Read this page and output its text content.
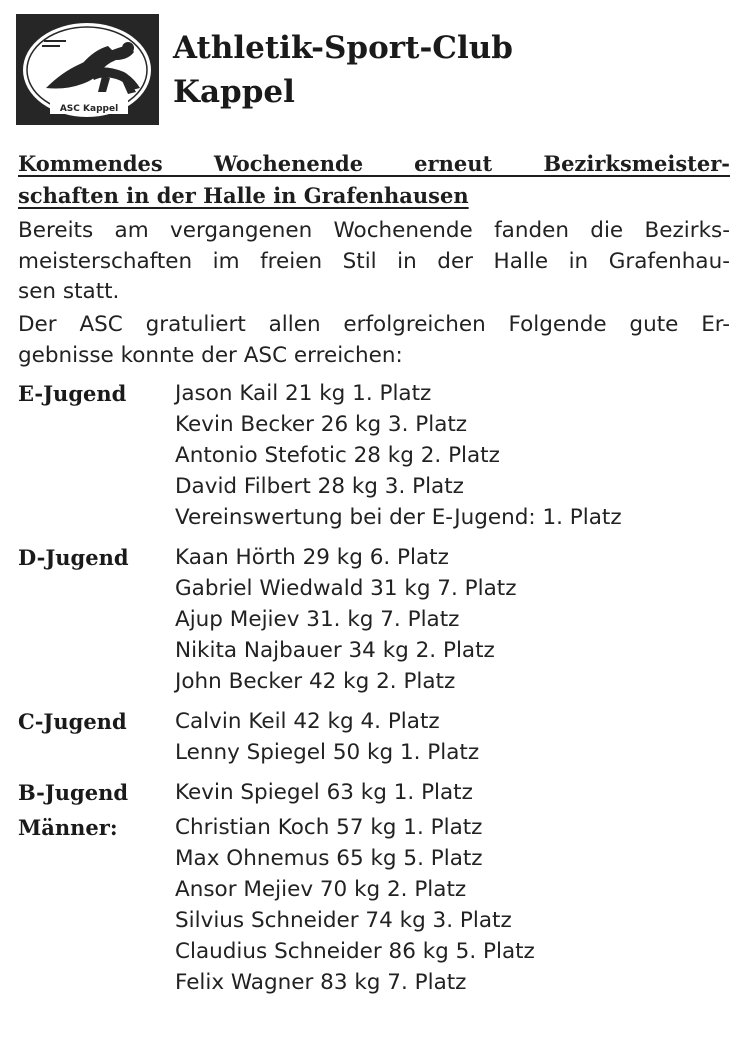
ASC Kappel
Athletik-Sport-Club
Kappel
Kommendes Wochenende erneut Bezirksmeister-
schaften in der Halle in Grafenhausen
Bereits am vergangenen Wochenende fanden die Bezirks-
meisterschaften im freien Stil in der Halle in Grafenhau-
sen statt.
Der ASC gratuliert allen erfolgreichen Folgende gute Er-
gebnisse konnte der ASC erreichen:
E-Jugend Jason Kail 21 kg 1. Platz
Kevin Becker 26 kg 3. Platz
Antonio Stefotic 28 kg 2. Platz
David Filbert 28 kg 3. Platz
Vereinswertung bei der E-Jugend: 1. Platz
D-Jugend Kaan Hörth 29 kg 6. Platz
Gabriel Wiedwald 31 kg 7. Platz
Ajup Mejiev 31. kg 7. Platz
Nikita Najbauer 34 kg 2. Platz
John Becker 42 kg 2. Platz
C-Jugend Calvin Keil 42 kg 4. Platz
Lenny Spiegel 50 kg 1. Platz
B-Jugend Kevin Spiegel 63 kg 1. Platz
Männer:	Christian Koch 57 kg 1. Platz
Max Ohnemus 65 kg 5. Platz
Ansor Mejiev 70 kg 2. Platz
Silvius Schneider 74 kg 3. Platz
Claudius Schneider 86 kg 5. Platz
Felix Wagner 83 kg 7. Platz
